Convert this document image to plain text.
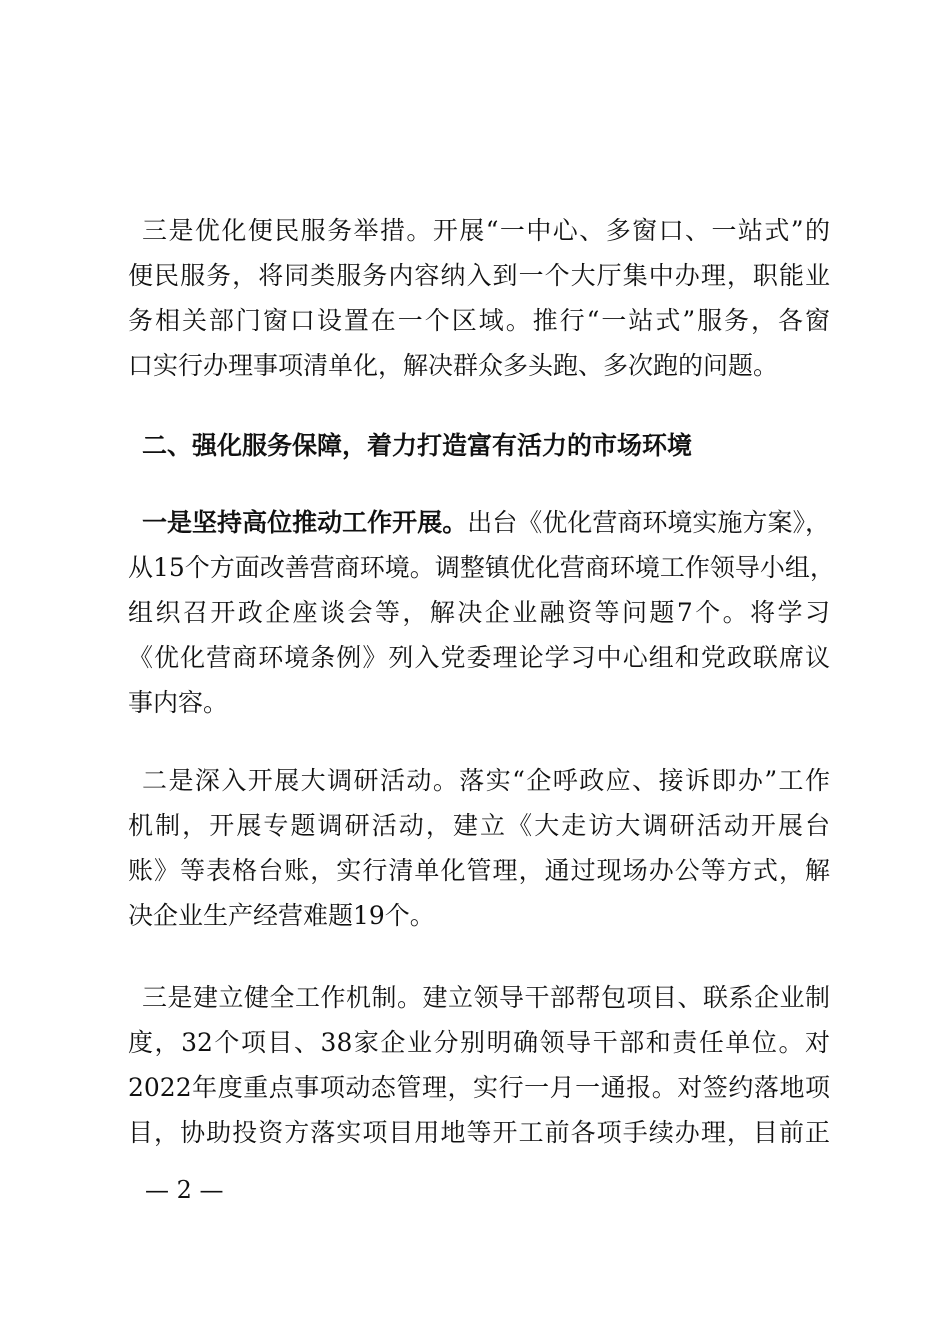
三是优化便民服务举措。开展“一中心、多窗口、一站式”的
便民服务，将同类服务内容纳入到一个大厅集中办理，职能业
务相关部门窗口设置在一个区域。推行“一站式”服务，各窗
口实行办理事项清单化，解决群众多头跑、多次跑的问题。
二、强化服务保障，着力打造富有活力的市场环境
一是坚持高位推动工作开展。出台《优化营商环境实施方案》，
从15个方面改善营商环境。调整镇优化营商环境工作领导小组，
组织召开政企座谈会等，解决企业融资等问题7个。将学习
《优化营商环境条例》列入党委理论学习中心组和党政联席议
事内容。
二是深入开展大调研活动。落实“企呼政应、接诉即办”工作
机制，开展专题调研活动，建立《大走访大调研活动开展台
账》等表格台账，实行清单化管理，通过现场办公等方式，解
决企业生产经营难题19个。
三是建立健全工作机制。建立领导干部帮包项目、联系企业制
度，32个项目、38家企业分别明确领导干部和责任单位。对
2022年度重点事项动态管理，实行一月一通报。对签约落地项
目，协助投资方落实项目用地等开工前各项手续办理，目前正
— 2 —
